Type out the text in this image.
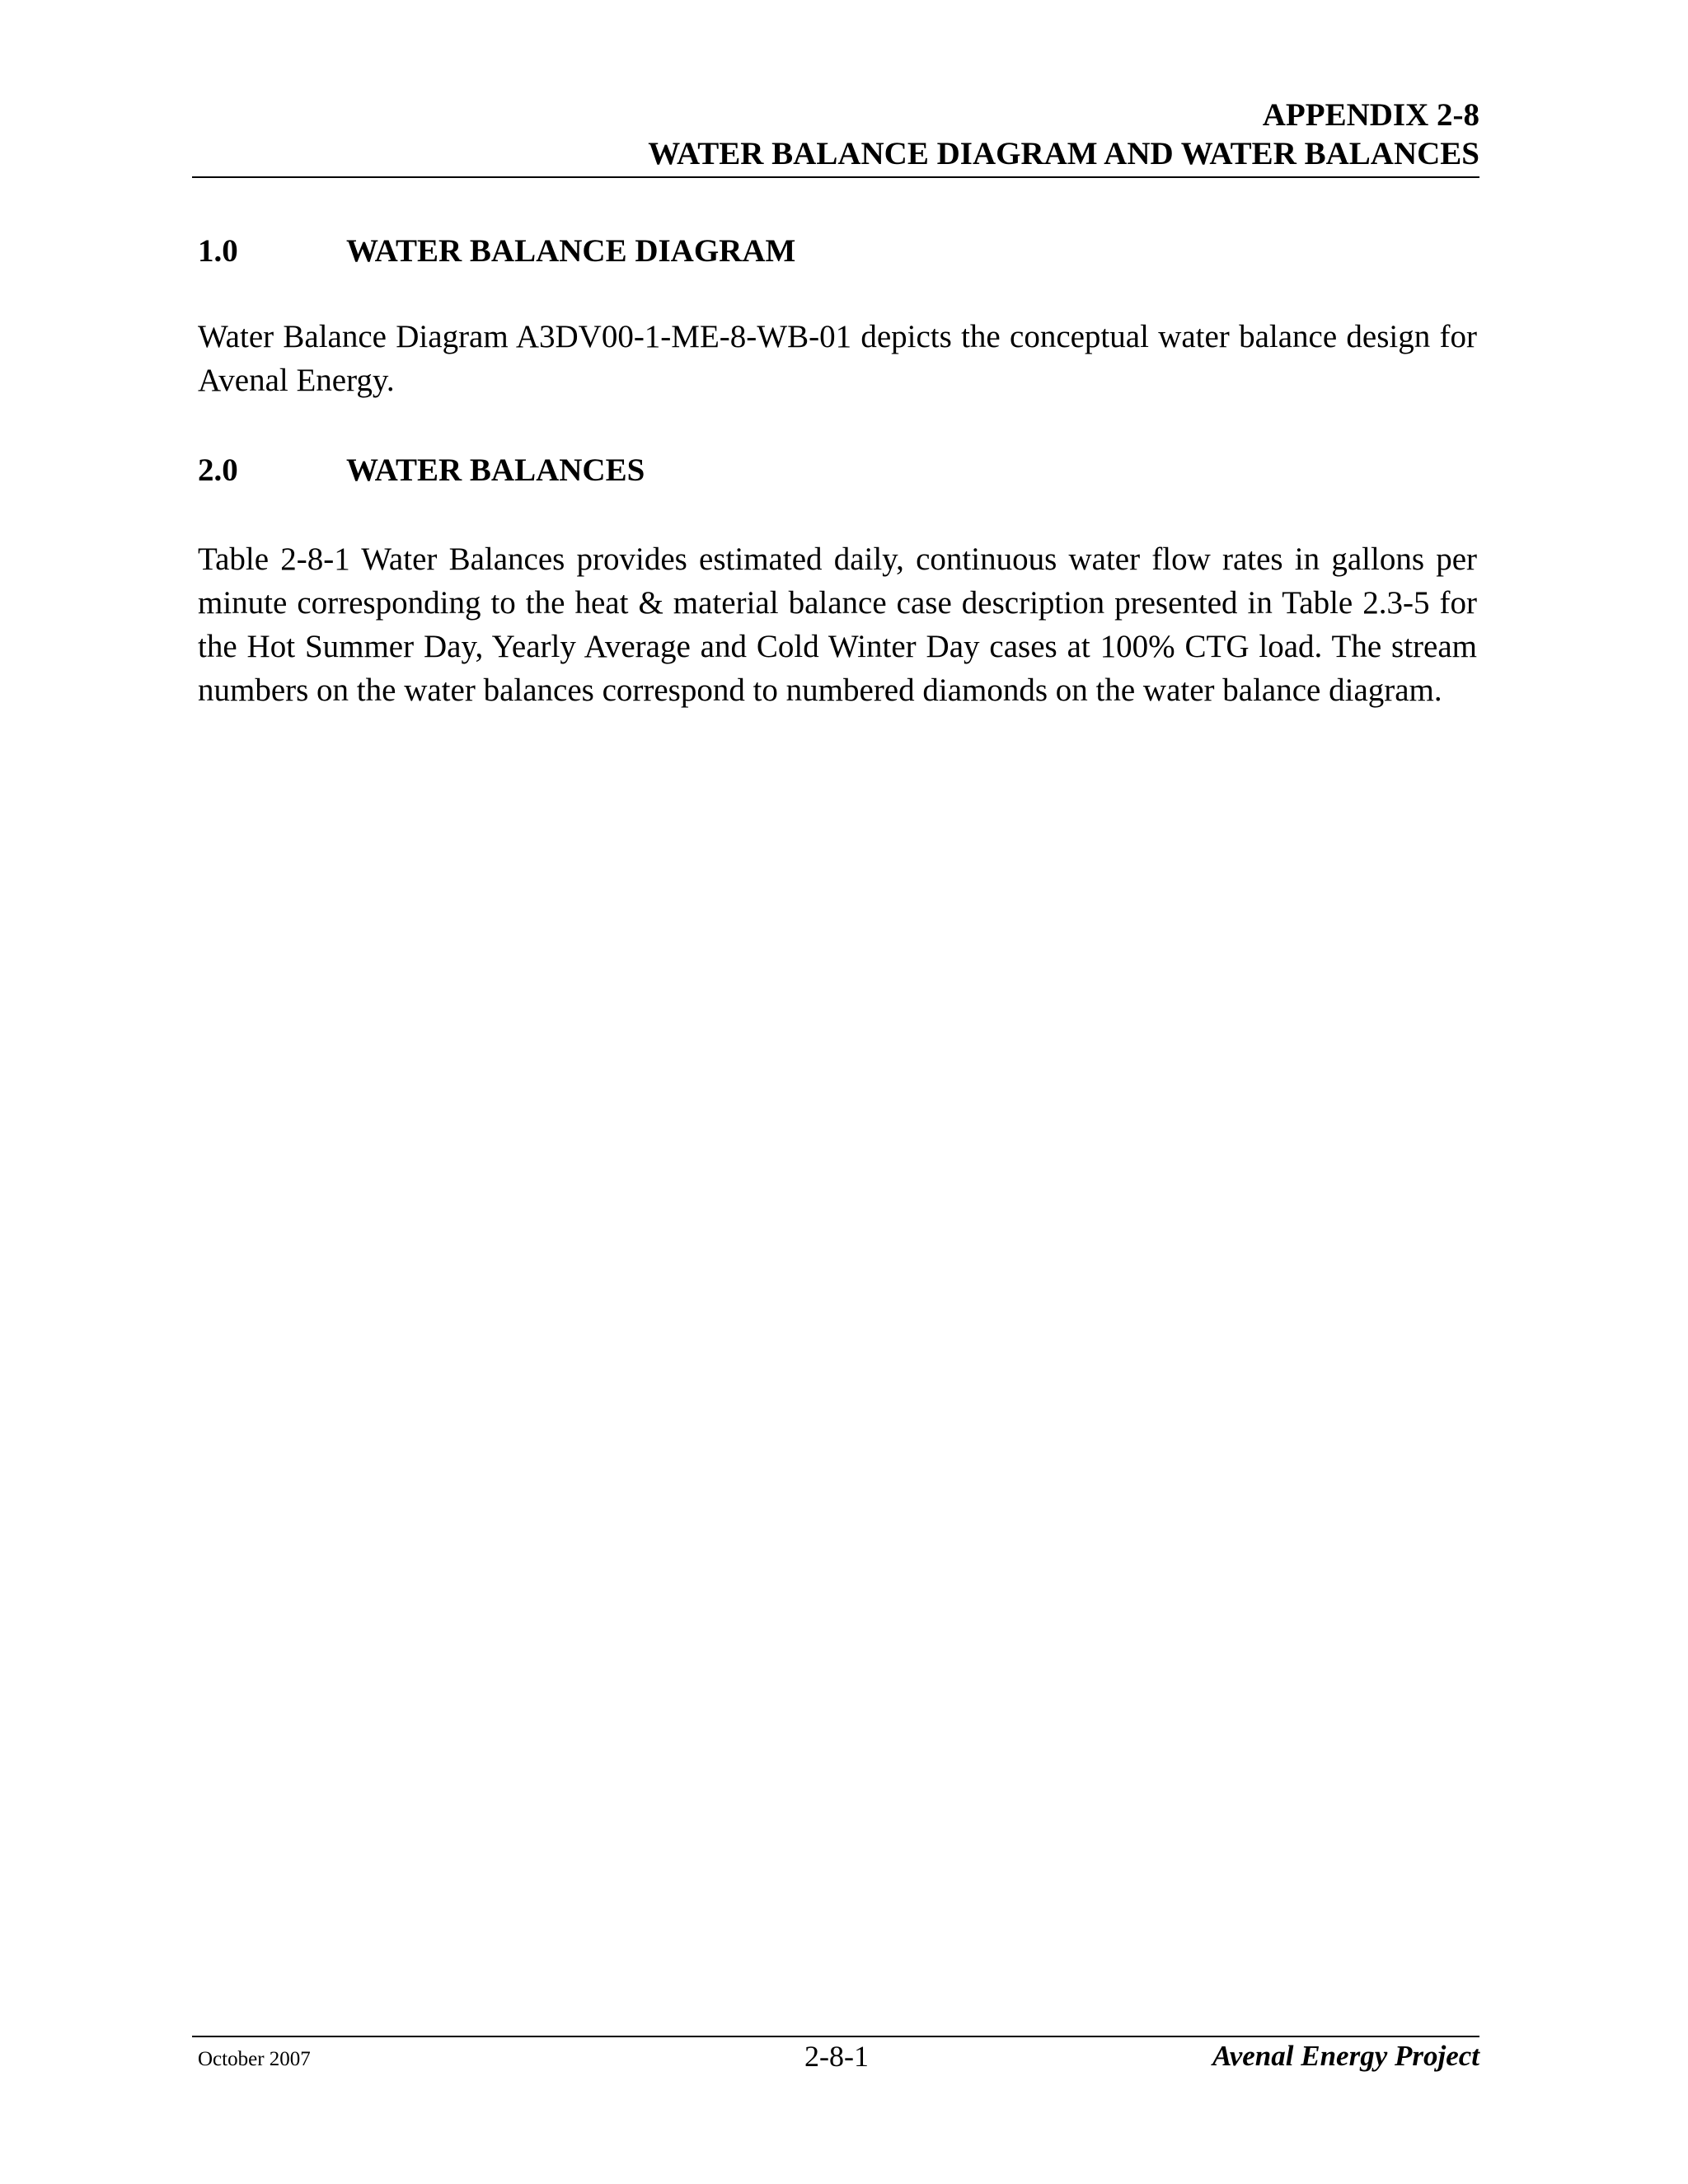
APPENDIX 2-8
WATER BALANCE DIAGRAM AND WATER BALANCES
1.0	WATER BALANCE DIAGRAM
Water Balance Diagram A3DV00-1-ME-8-WB-01 depicts the conceptual water balance design for Avenal Energy.
2.0	WATER BALANCES
Table 2-8-1 Water Balances provides estimated daily, continuous water flow rates in gallons per minute corresponding to the heat & material balance case description presented in Table 2.3-5 for the Hot Summer Day, Yearly Average and Cold Winter Day cases at 100% CTG load. The stream numbers on the water balances correspond to numbered diamonds on the water balance diagram.
October 2007	2-8-1	Avenal Energy Project
